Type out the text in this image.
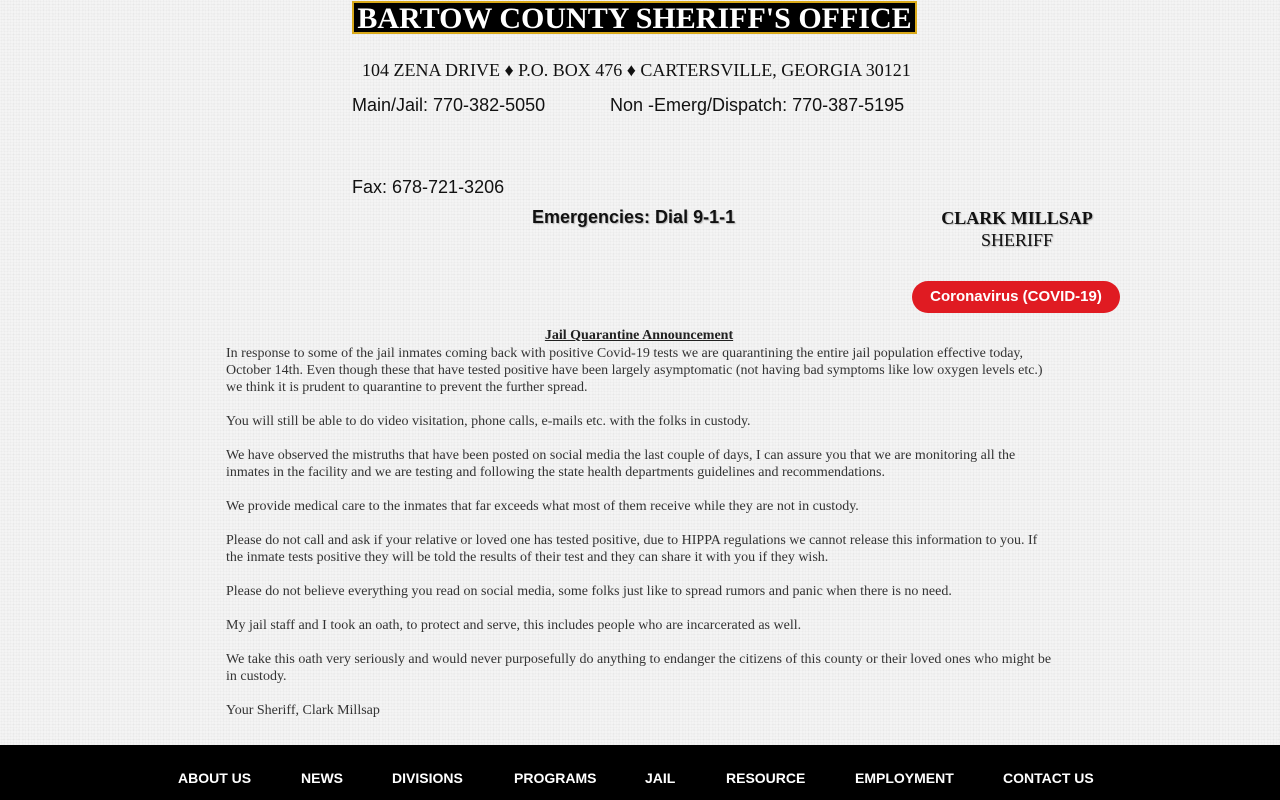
BARTOW COUNTY SHERIFF'S OFFICE
104 ZENA DRIVE ♦ P.O. BOX 476 ♦ CARTERSVILLE, GEORGIA 30121
Main/Jail: 770-382-5050	Non -Emerg/Dispatch: 770-387-5195
Fax: 678-721-3206
Emergencies: Dial 9-1-1	CLARK MILLSAP
SHERIFF
Coronavirus (COVID-19)
Jail Quarantine Announcement

In response to some of the jail inmates coming back with positive Covid-19 tests we are quarantining the entire jail population effective today, October 14th. Even though these that have tested positive have been largely asymptomatic (not having bad symptoms like low oxygen levels etc.) we think it is prudent to quarantine to prevent the further spread.

You will still be able to do video visitation, phone calls, e-mails etc. with the folks in custody.

We have observed the mistruths that have been posted on social media the last couple of days, I can assure you that we are monitoring all the inmates in the facility and we are testing and following the state health departments guidelines and recommendations.

We provide medical care to the inmates that far exceeds what most of them receive while they are not in custody.

Please do not call and ask if your relative or loved one has tested positive, due to HIPPA regulations we cannot release this information to you. If the inmate tests positive they will be told the results of their test and they can share it with you if they wish.

Please do not believe everything you read on social media, some folks just like to spread rumors and panic when there is no need.

My jail staff and I took an oath, to protect and serve, this includes people who are incarcerated as well.

We take this oath very seriously and would never purposefully do anything to endanger the citizens of this county or their loved ones who might be in custody.

Your Sheriff, Clark Millsap

ABOUT US	NEWS	DIVISIONS	PROGRAMS	JAIL	RESOURCE	EMPLOYMENT	CONTACT US
